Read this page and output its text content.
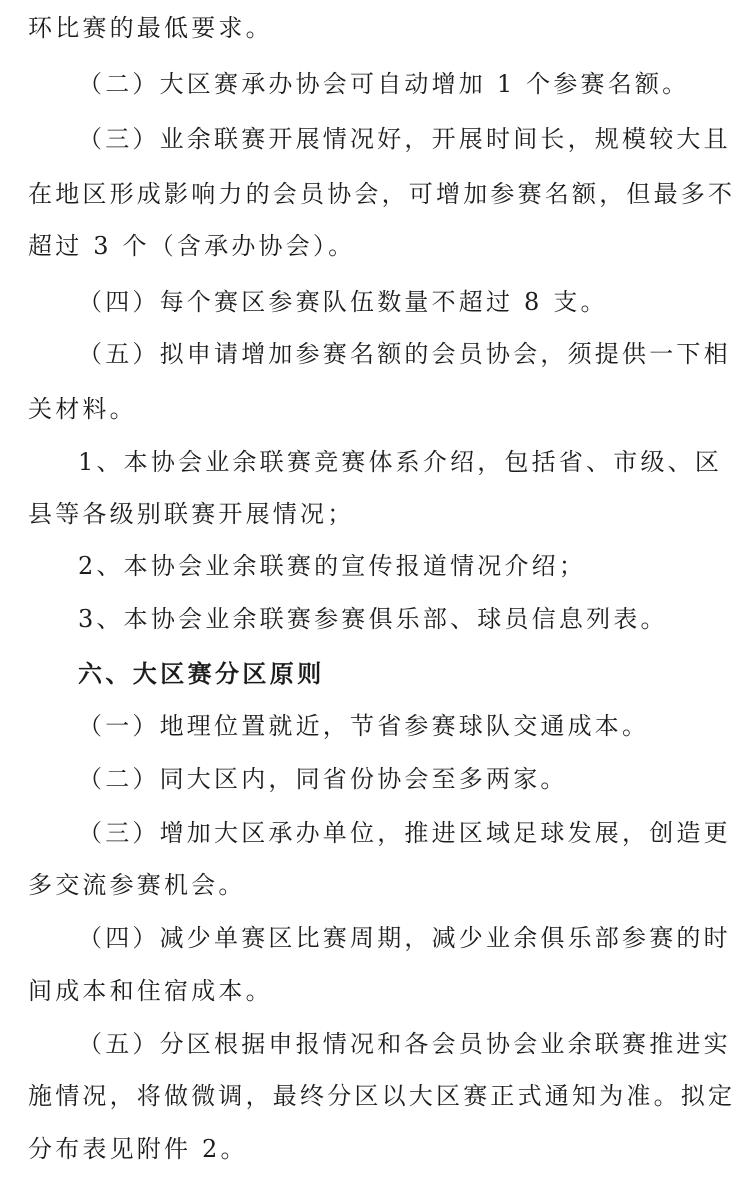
环比赛的最低要求。
（二）大区赛承办协会可自动增加 1 个参赛名额。
（三）业余联赛开展情况好，开展时间长，规模较大且
在地区形成影响力的会员协会，可增加参赛名额，但最多不
超过 3 个（含承办协会）。
（四）每个赛区参赛队伍数量不超过 8 支。
（五）拟申请增加参赛名额的会员协会，须提供一下相
关材料。
1、本协会业余联赛竞赛体系介绍，包括省、市级、区
县等各级别联赛开展情况；
2、本协会业余联赛的宣传报道情况介绍；
3、本协会业余联赛参赛俱乐部、球员信息列表。
六、大区赛分区原则
（一）地理位置就近，节省参赛球队交通成本。
（二）同大区内，同省份协会至多两家。
（三）增加大区承办单位，推进区域足球发展，创造更
多交流参赛机会。
（四）减少单赛区比赛周期，减少业余俱乐部参赛的时
间成本和住宿成本。
（五）分区根据申报情况和各会员协会业余联赛推进实
施情况，将做微调，最终分区以大区赛正式通知为准。拟定
分布表见附件 2。
